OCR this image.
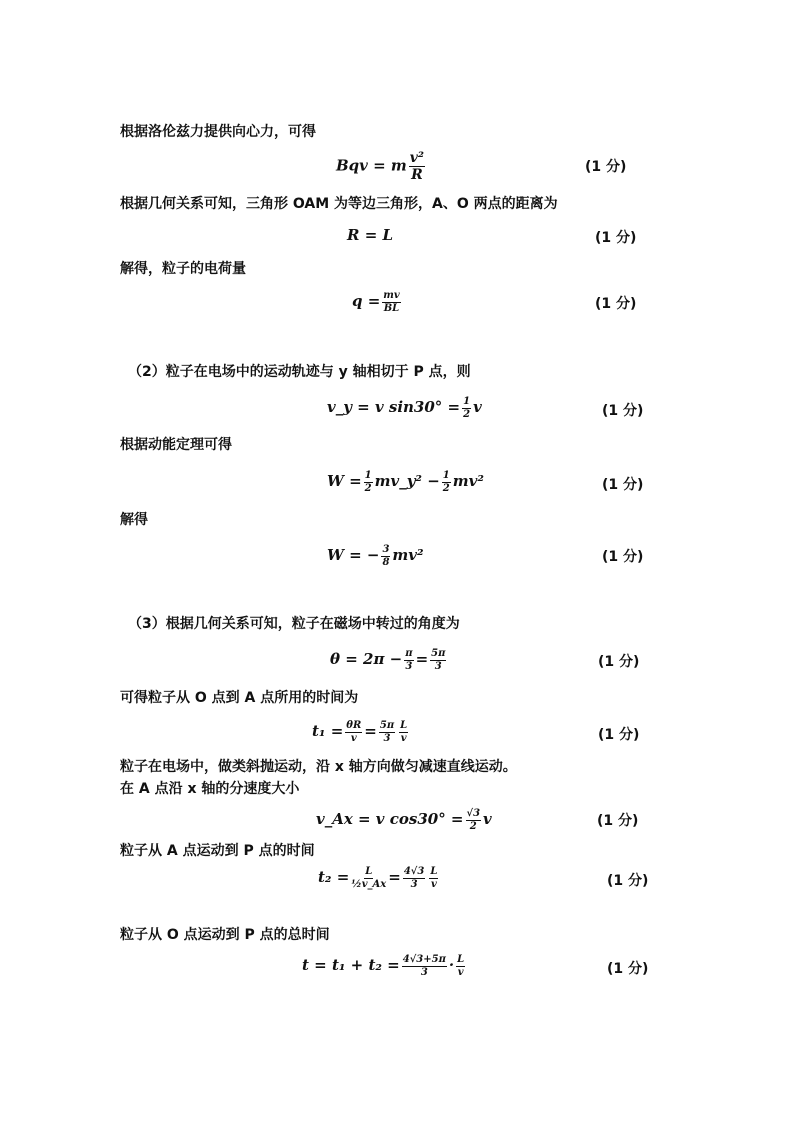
根据洛伦兹力提供向心力，可得
根据几何关系可知，三角形 OAM 为等边三角形，A、O 两点的距离为
解得，粒子的电荷量
（2）粒子在电场中的运动轨迹与 y 轴相切于 P 点，则
根据动能定理可得
解得
（3）根据几何关系可知，粒子在磁场中转过的角度为
可得粒子从 O 点到 A 点所用的时间为
粒子在电场中，做类斜抛运动，沿 x 轴方向做匀减速直线运动。
在 A 点沿 x 轴的分速度大小
粒子从 A 点运动到 P 点的时间
粒子从 O 点运动到 P 点的总时间
Bqv = m $\frac{\text{v²}}{R}$
R = L
$q = \frac{mv}{BL}$
v_y = v $\sin 30^\circ = \frac{1}{2}$ v
$W = \frac{1}{2}$ mv_y² − $\frac{1}{2} mv^2$
W = − $\frac{3}{8} mv^2$
$\theta = 2\pi - \frac{\pi}{3} = \frac{5\pi}{3}$
$t_1 = \frac{\theta R}{v} = \frac{5\pi}{3} \frac{L}{v}$
v_Ax = v $\cos 30^\circ = \frac{√3}{2}$ v
$t_2 = \frac{L}{\text{½v\_Ax}} = \frac{4√3}{3} \frac{L}{v}$
$t = t_1 + t_2 = \frac{4√3+5\pi}{3} \cdot \frac{L}{v}$
(1 分)
(1 分)
(1 分)
(1 分)
(1 分)
(1 分)
(1 分)
(1 分)
(1 分)
(1 分)
(1 分)
